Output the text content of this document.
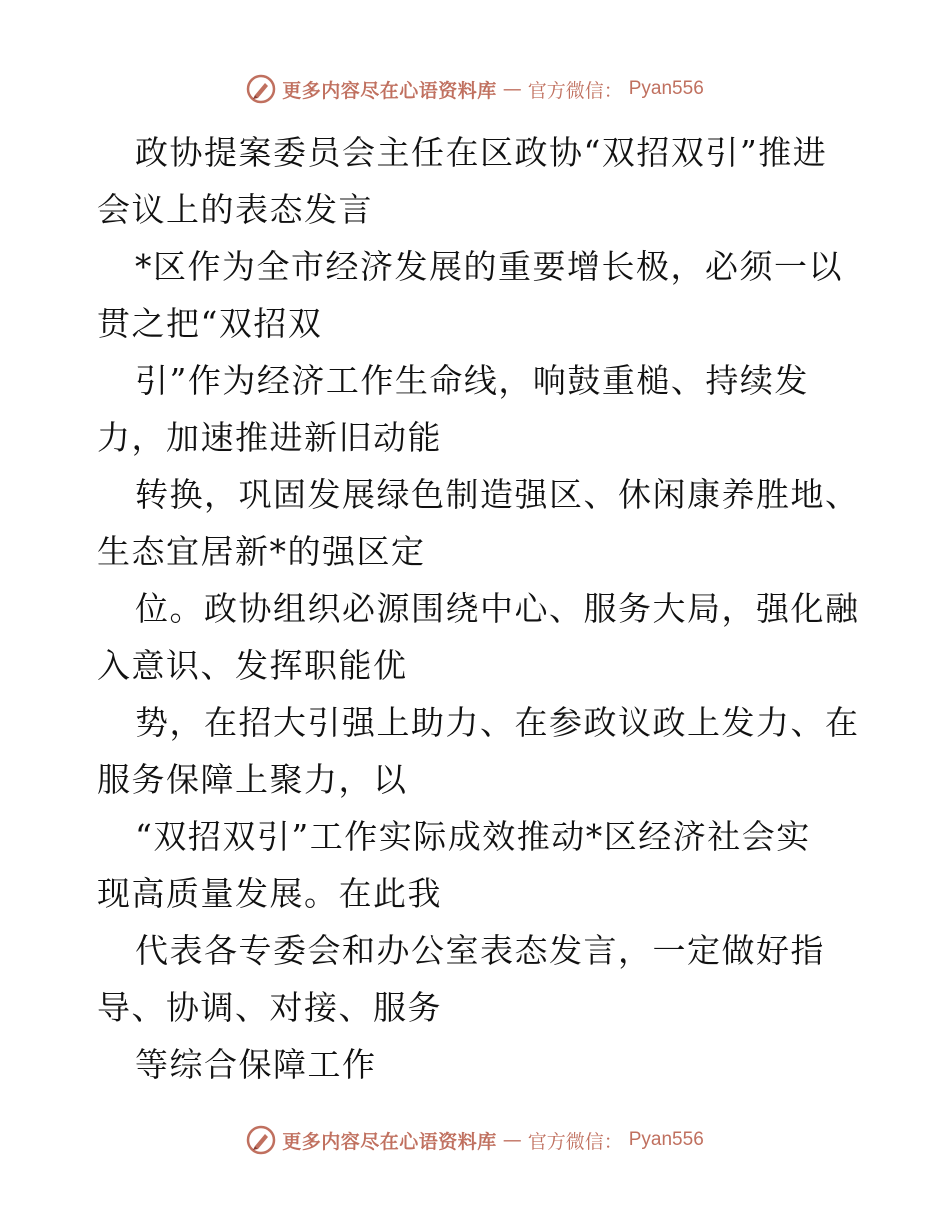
更多内容尽在心语资料库 — 官方微信： Pyan556
政协提案委员会主任在区政协“双招双引”推进
会议上的表态发言
*区作为全市经济发展的重要增长极，必须一以
贯之把“双招双
引”作为经济工作生命线，响鼓重槌、持续发
力，加速推进新旧动能
转换，巩固发展绿色制造强区、休闲康养胜地、
生态宜居新*的强区定
位。政协组织必源围绕中心、服务大局，强化融
入意识、发挥职能优
势，在招大引强上助力、在参政议政上发力、在
服务保障上聚力，以
“双招双引”工作实际成效推动*区经济社会实
现高质量发展。在此我
代表各专委会和办公室表态发言，一定做好指
导、协调、对接、服务
等综合保障工作
更多内容尽在心语资料库 — 官方微信： Pyan556
